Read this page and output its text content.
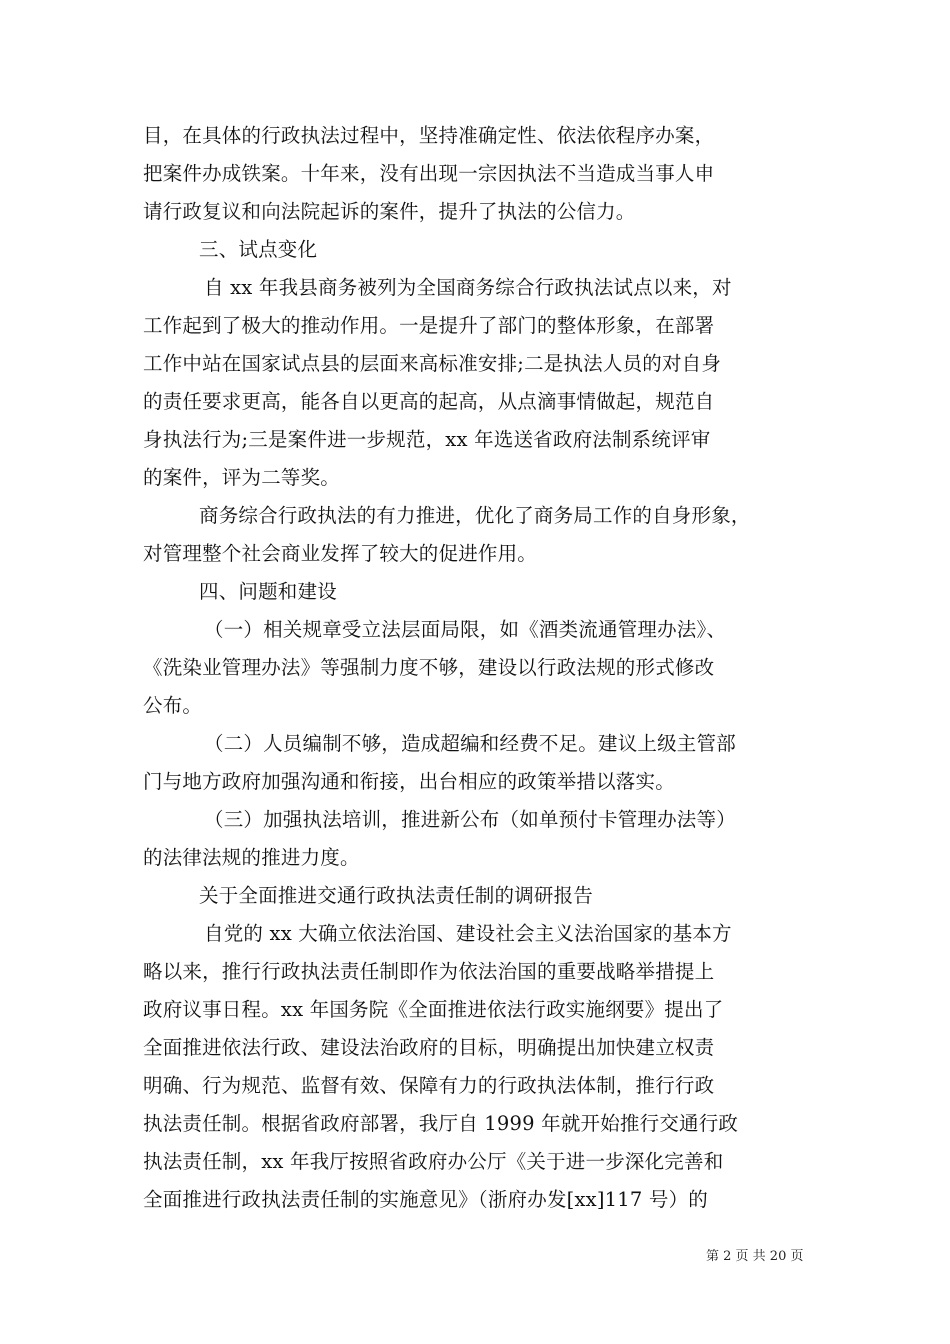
目，在具体的行政执法过程中，坚持准确定性、依法依程序办案，
把案件办成铁案。十年来，没有出现一宗因执法不当造成当事人申
请行政复议和向法院起诉的案件，提升了执法的公信力。
三、试点变化
自 xx 年我县商务被列为全国商务综合行政执法试点以来，对
工作起到了极大的推动作用。一是提升了部门的整体形象，在部署
工作中站在国家试点县的层面来高标准安排;二是执法人员的对自身
的责任要求更高，能各自以更高的起高，从点滴事情做起，规范自
身执法行为;三是案件进一步规范，xx 年选送省政府法制系统评审
的案件，评为二等奖。
商务综合行政执法的有力推进，优化了商务局工作的自身形象，
对管理整个社会商业发挥了较大的促进作用。
四、问题和建设
（一）相关规章受立法层面局限，如《酒类流通管理办法》、
《洗染业管理办法》等强制力度不够，建设以行政法规的形式修改
公布。
（二）人员编制不够，造成超编和经费不足。建议上级主管部
门与地方政府加强沟通和衔接，出台相应的政策举措以落实。
（三）加强执法培训，推进新公布（如单预付卡管理办法等）
的法律法规的推进力度。
关于全面推进交通行政执法责任制的调研报告
自党的 xx 大确立依法治国、建设社会主义法治国家的基本方
略以来，推行行政执法责任制即作为依法治国的重要战略举措提上
政府议事日程。xx 年国务院《全面推进依法行政实施纲要》提出了
全面推进依法行政、建设法治政府的目标，明确提出加快建立权责
明确、行为规范、监督有效、保障有力的行政执法体制，推行行政
执法责任制。根据省政府部署，我厅自 1999 年就开始推行交通行政
执法责任制，xx 年我厅按照省政府办公厅《关于进一步深化完善和
全面推进行政执法责任制的实施意见》（浙府办发[xx]117 号）的
第 2 页 共 20 页
